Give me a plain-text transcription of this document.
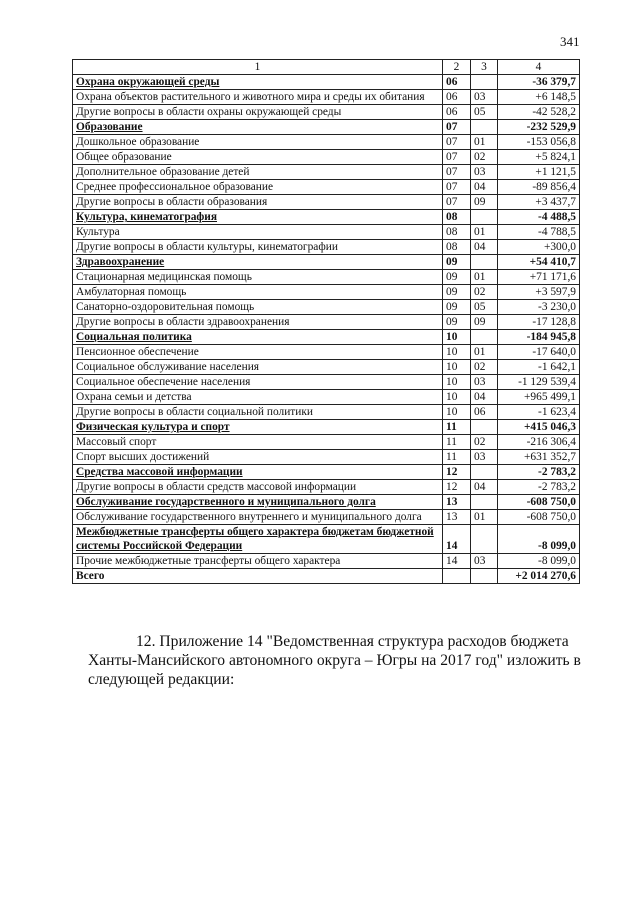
341
1	2	3	4
Охрана окружающей среды	06		-36 379,7
Охрана объектов растительного и животного мира и среды их обитания	06	03	+6 148,5
Другие вопросы в области охраны окружающей среды	06	05	-42 528,2
Образование	07		-232 529,9
Дошкольное образование	07	01	-153 056,8
Общее образование	07	02	+5 824,1
Дополнительное образование детей	07	03	+1 121,5
Среднее профессиональное образование	07	04	-89 856,4
Другие вопросы в области образования	07	09	+3 437,7
Культура, кинематография	08		-4 488,5
Культура	08	01	-4 788,5
Другие вопросы в области культуры, кинематографии	08	04	+300,0
Здравоохранение	09		+54 410,7
Стационарная медицинская помощь	09	01	+71 171,6
Амбулаторная помощь	09	02	+3 597,9
Санаторно-оздоровительная помощь	09	05	-3 230,0
Другие вопросы в области здравоохранения	09	09	-17 128,8
Социальная политика	10		-184 945,8
Пенсионное обеспечение	10	01	-17 640,0
Социальное обслуживание населения	10	02	-1 642,1
Социальное обеспечение населения	10	03	-1 129 539,4
Охрана семьи и детства	10	04	+965 499,1
Другие вопросы в области социальной политики	10	06	-1 623,4
Физическая культура и спорт	11		+415 046,3
Массовый спорт	11	02	-216 306,4
Спорт высших достижений	11	03	+631 352,7
Средства массовой информации	12		-2 783,2
Другие вопросы в области средств массовой информации	12	04	-2 783,2
Обслуживание государственного и муниципального долга	13		-608 750,0
Обслуживание государственного внутреннего и муниципального долга	13	01	-608 750,0
Межбюджетные трансферты общего характера бюджетам бюджетной системы Российской Федерации	14		-8 099,0
Прочие межбюджетные трансферты общего характера	14	03	-8 099,0
Всего			+2 014 270,6

12. Приложение 14 "Ведомственная структура расходов бюджета Ханты-Мансийского автономного округа – Югры на 2017 год" изложить в следующей редакции:
